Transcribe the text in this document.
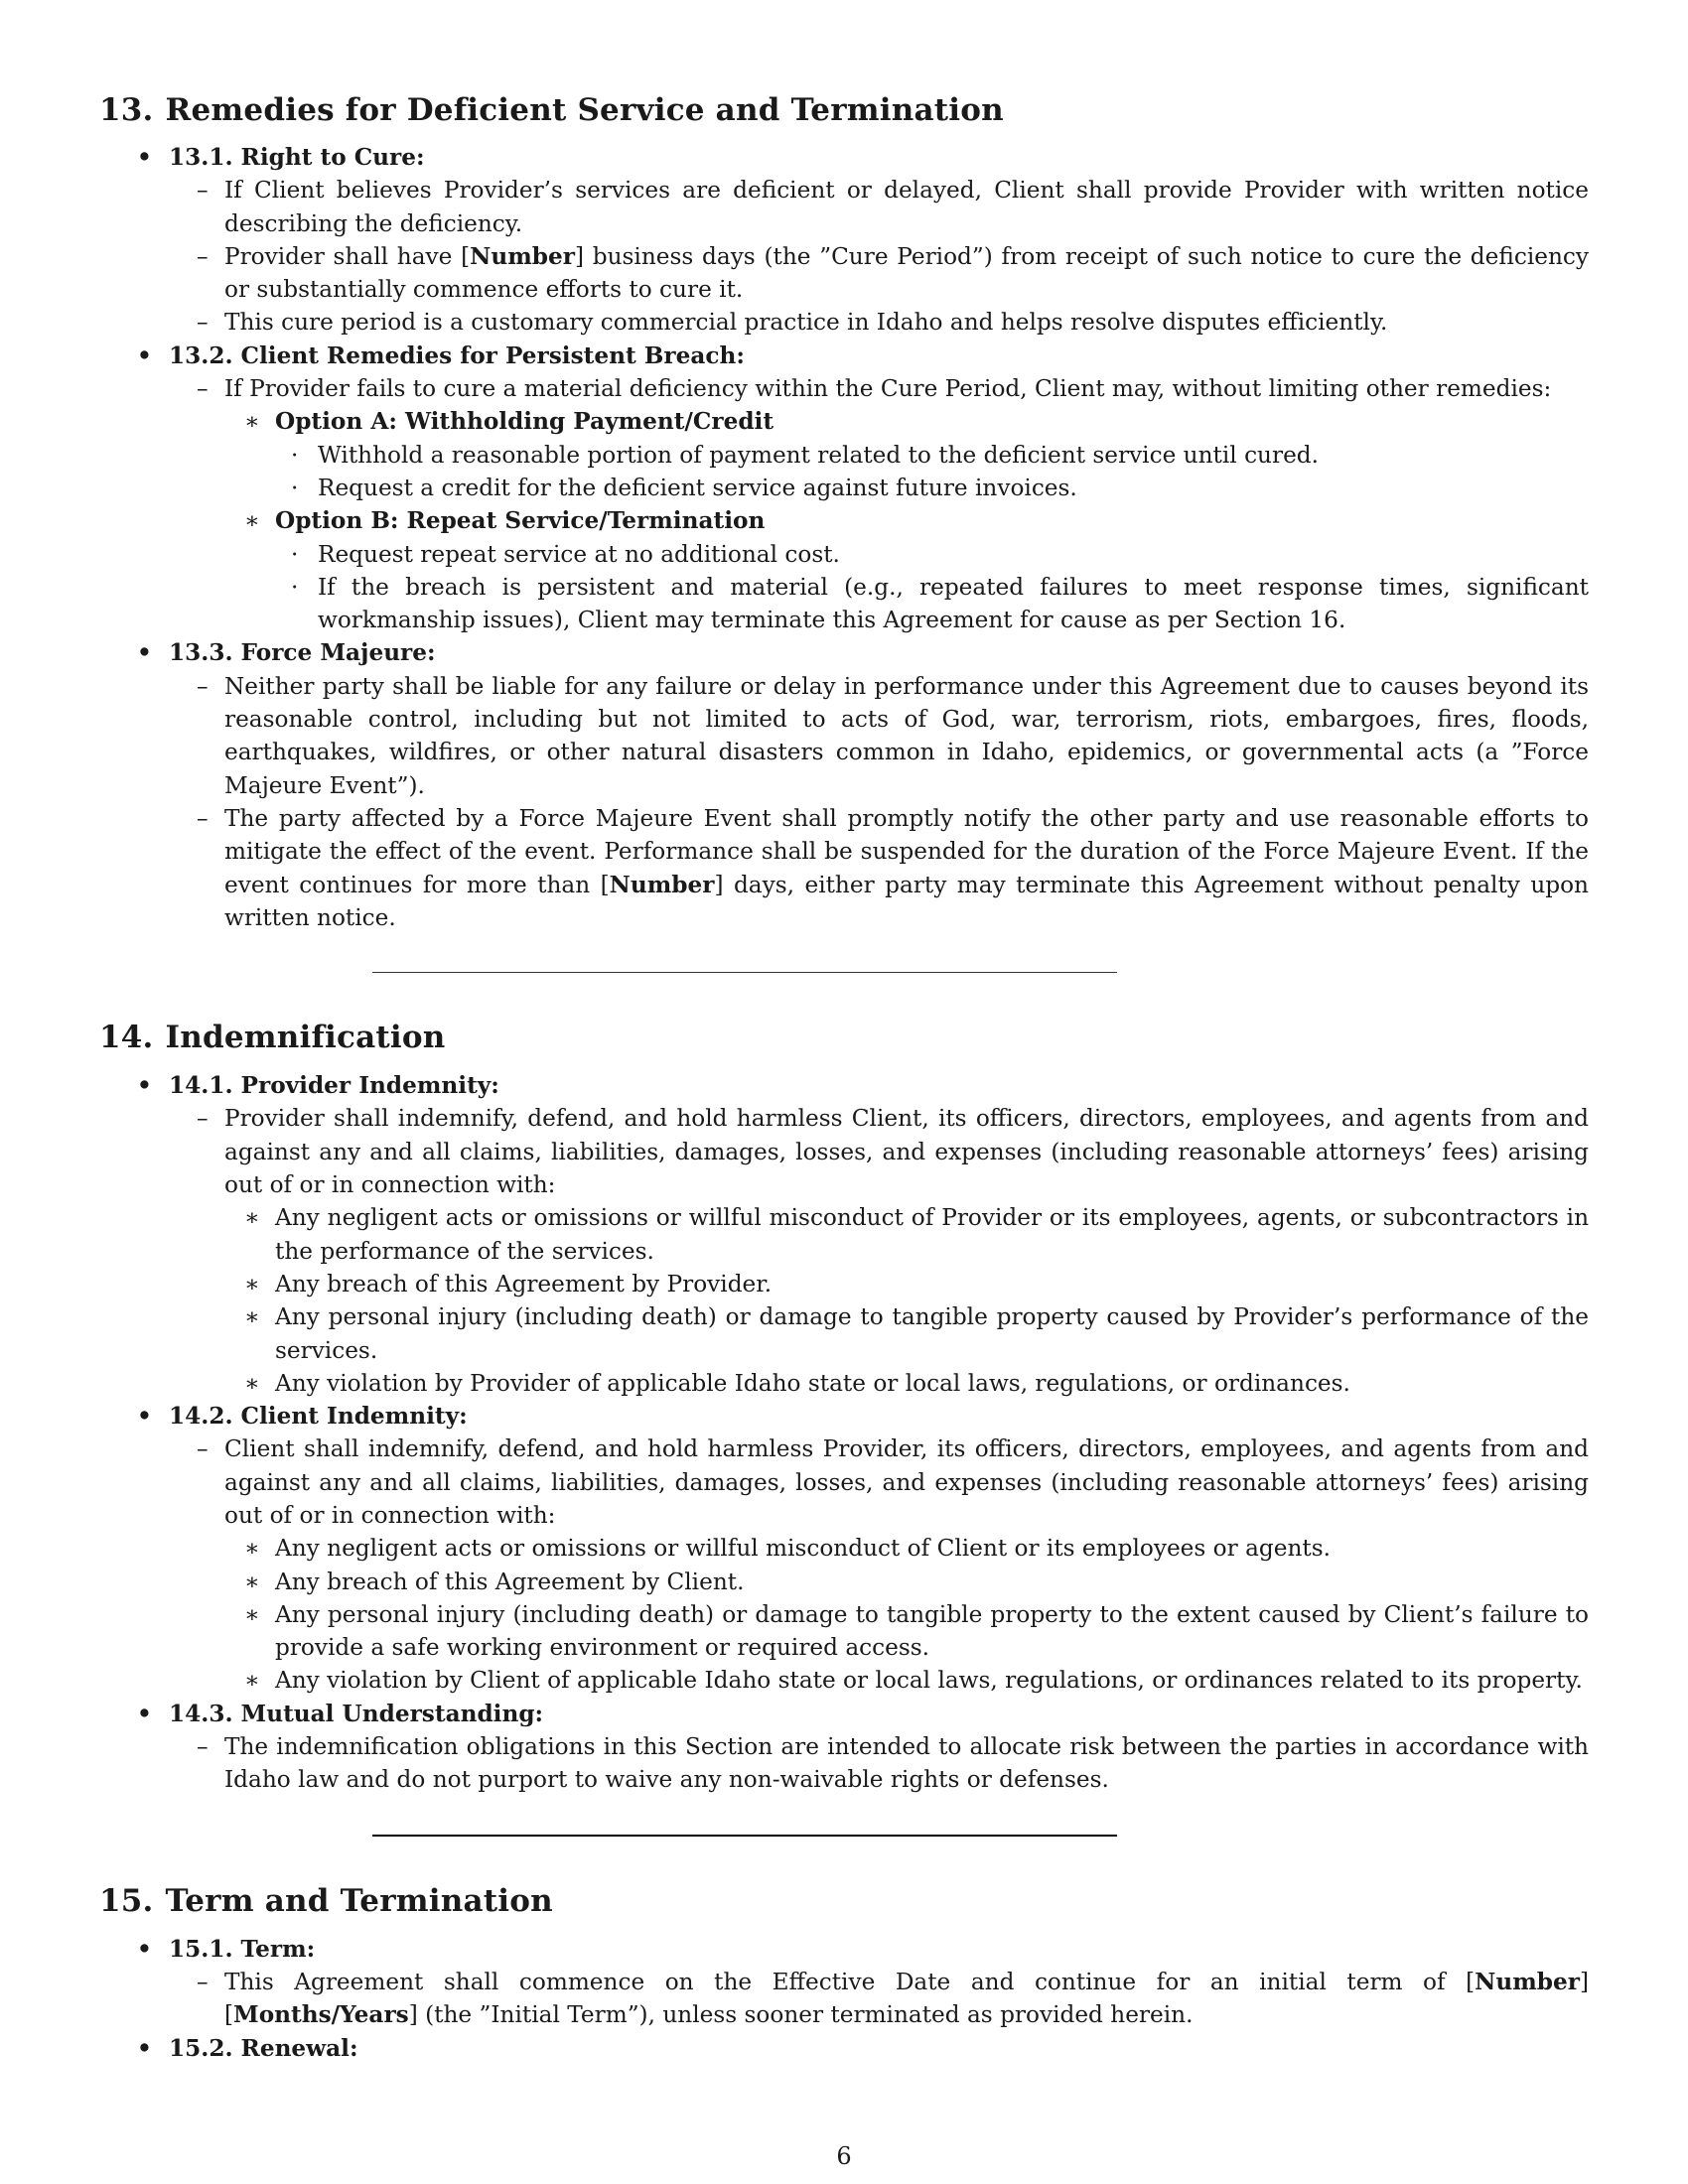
13. Remedies for Deficient Service and Termination
• 13.1. Right to Cure:
– If Client believes Provider’s services are deficient or delayed, Client shall provide Provider with written notice describing the deficiency.
– Provider shall have [Number] business days (the ”Cure Period”) from receipt of such notice to cure the deficiency or substantially commence efforts to cure it.
– This cure period is a customary commercial practice in Idaho and helps resolve disputes efficiently.
• 13.2. Client Remedies for Persistent Breach:
– If Provider fails to cure a material deficiency within the Cure Period, Client may, without limiting other remedies:
∗ Option A: Withholding Payment/Credit
· Withhold a reasonable portion of payment related to the deficient service until cured.
· Request a credit for the deficient service against future invoices.
∗ Option B: Repeat Service/Termination
· Request repeat service at no additional cost.
· If the breach is persistent and material (e.g., repeated failures to meet response times, significant workmanship issues), Client may terminate this Agreement for cause as per Section 16.
• 13.3. Force Majeure:
– Neither party shall be liable for any failure or delay in performance under this Agreement due to causes beyond its reasonable control, including but not limited to acts of God, war, terrorism, riots, embargoes, fires, floods, earthquakes, wildfires, or other natural disasters common in Idaho, epidemics, or governmental acts (a ”Force Majeure Event”).
– The party affected by a Force Majeure Event shall promptly notify the other party and use reasonable efforts to mitigate the effect of the event. Performance shall be suspended for the duration of the Force Majeure Event. If the event continues for more than [Number] days, either party may terminate this Agreement without penalty upon written notice.
14. Indemnification
• 14.1. Provider Indemnity:
– Provider shall indemnify, defend, and hold harmless Client, its officers, directors, employees, and agents from and against any and all claims, liabilities, damages, losses, and expenses (including reasonable attorneys’ fees) arising out of or in connection with:
∗ Any negligent acts or omissions or willful misconduct of Provider or its employees, agents, or subcontractors in the performance of the services.
∗ Any breach of this Agreement by Provider.
∗ Any personal injury (including death) or damage to tangible property caused by Provider’s performance of the services.
∗ Any violation by Provider of applicable Idaho state or local laws, regulations, or ordinances.
• 14.2. Client Indemnity:
– Client shall indemnify, defend, and hold harmless Provider, its officers, directors, employees, and agents from and against any and all claims, liabilities, damages, losses, and expenses (including reasonable attorneys’ fees) arising out of or in connection with:
∗ Any negligent acts or omissions or willful misconduct of Client or its employees or agents.
∗ Any breach of this Agreement by Client.
∗ Any personal injury (including death) or damage to tangible property to the extent caused by Client’s failure to provide a safe working environment or required access.
∗ Any violation by Client of applicable Idaho state or local laws, regulations, or ordinances related to its property.
• 14.3. Mutual Understanding:
– The indemnification obligations in this Section are intended to allocate risk between the parties in accordance with Idaho law and do not purport to waive any non-waivable rights or defenses.
15. Term and Termination
• 15.1. Term:
– This Agreement shall commence on the Effective Date and continue for an initial term of [Number] [Months/Years] (the ”Initial Term”), unless sooner terminated as provided herein.
• 15.2. Renewal:
6
